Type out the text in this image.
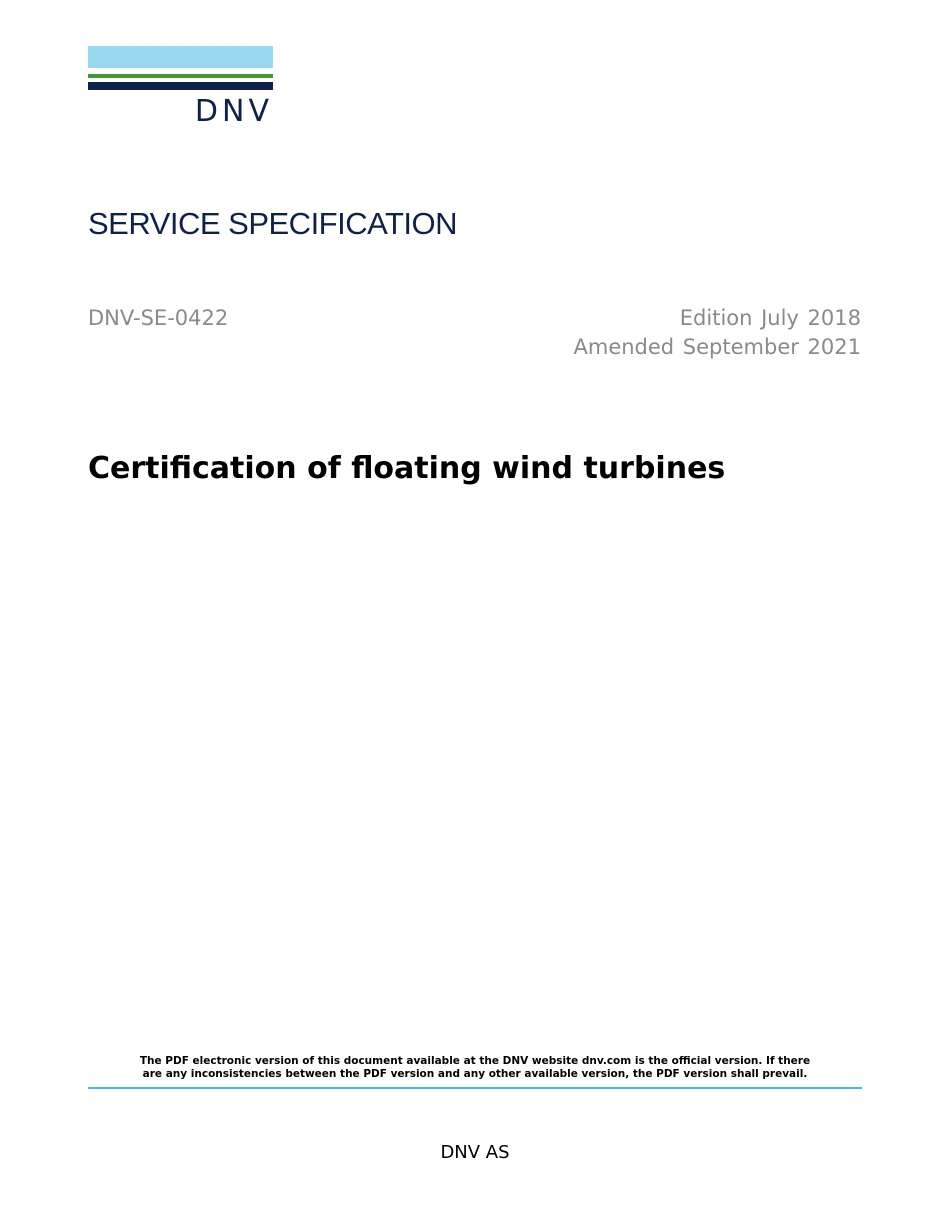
DNV
SERVICE SPECIFICATION
DNV-SE-0422	Edition July 2018
Amended September 2021
Certification of floating wind turbines
The PDF electronic version of this document available at the DNV website dnv.com is the official version. If there
are any inconsistencies between the PDF version and any other available version, the PDF version shall prevail.
DNV AS
